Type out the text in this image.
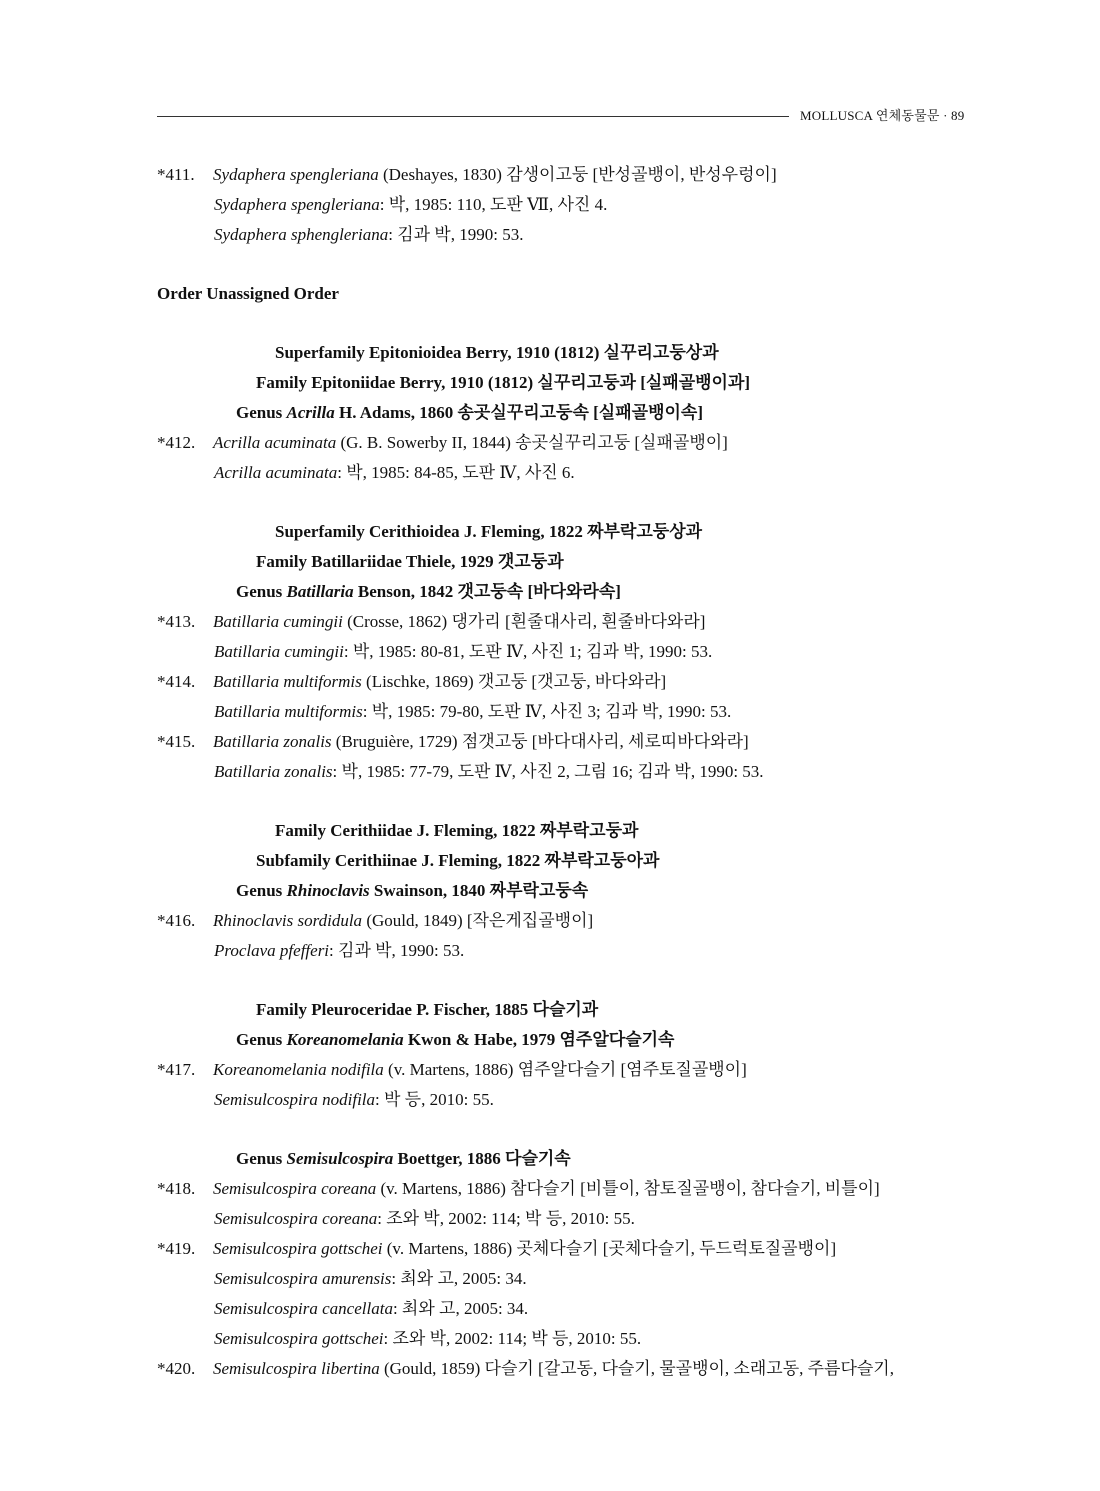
MOLLUSCA 연체동물문 · 89
*411. Sydaphera spengleriana (Deshayes, 1830) 감생이고둥 [반성골뱅이, 반성우렁이]
Sydaphera spengleriana: 박, 1985: 110, 도판 Ⅶ, 사진 4.
Sydaphera sphengleriana: 김과 박, 1990: 53.
Order Unassigned Order
Superfamily Epitonioidea Berry, 1910 (1812) 실꾸리고둥상과
Family Epitoniidae Berry, 1910 (1812) 실꾸리고둥과 [실패골뱅이과]
Genus Acrilla H. Adams, 1860 송곳실꾸리고둥속 [실패골뱅이속]
*412. Acrilla acuminata (G. B. Sowerby II, 1844) 송곳실꾸리고둥 [실패골뱅이]
Acrilla acuminata: 박, 1985: 84-85, 도판 Ⅳ, 사진 6.
Superfamily Cerithioidea J. Fleming, 1822 짜부락고둥상과
Family Batillariidae Thiele, 1929 갯고둥과
Genus Batillaria Benson, 1842 갯고둥속 [바다와라속]
*413. Batillaria cumingii (Crosse, 1862) 댕가리 [흰줄대사리, 흰줄바다와라]
Batillaria cumingii: 박, 1985: 80-81, 도판 Ⅳ, 사진 1; 김과 박, 1990: 53.
*414. Batillaria multiformis (Lischke, 1869) 갯고둥 [갯고둥, 바다와라]
Batillaria multiformis: 박, 1985: 79-80, 도판 Ⅳ, 사진 3; 김과 박, 1990: 53.
*415. Batillaria zonalis (Bruguière, 1729) 점갯고둥 [바다대사리, 세로띠바다와라]
Batillaria zonalis: 박, 1985: 77-79, 도판 Ⅳ, 사진 2, 그림 16; 김과 박, 1990: 53.
Family Cerithiidae J. Fleming, 1822 짜부락고둥과
Subfamily Cerithiinae J. Fleming, 1822 짜부락고둥아과
Genus Rhinoclavis Swainson, 1840 짜부락고둥속
*416. Rhinoclavis sordidula (Gould, 1849) [작은게집골뱅이]
Proclava pfefferi: 김과 박, 1990: 53.
Family Pleuroceridae P. Fischer, 1885 다슬기과
Genus Koreanomelania Kwon & Habe, 1979 염주알다슬기속
*417. Koreanomelania nodifila (v. Martens, 1886) 염주알다슬기 [염주토질골뱅이]
Semisulcospira nodifila: 박 등, 2010: 55.
Genus Semisulcospira Boettger, 1886 다슬기속
*418. Semisulcospira coreana (v. Martens, 1886) 참다슬기 [비틀이, 참토질골뱅이, 참다슬기, 비틀이]
Semisulcospira coreana: 조와 박, 2002: 114; 박 등, 2010: 55.
*419. Semisulcospira gottschei (v. Martens, 1886) 곳체다슬기 [곳체다슬기, 두드럭토질골뱅이]
Semisulcospira amurensis: 최와 고, 2005: 34.
Semisulcospira cancellata: 최와 고, 2005: 34.
Semisulcospira gottschei: 조와 박, 2002: 114; 박 등, 2010: 55.
*420. Semisulcospira libertina (Gould, 1859) 다슬기 [갈고동, 다슬기, 물골뱅이, 소래고동, 주름다슬기,
